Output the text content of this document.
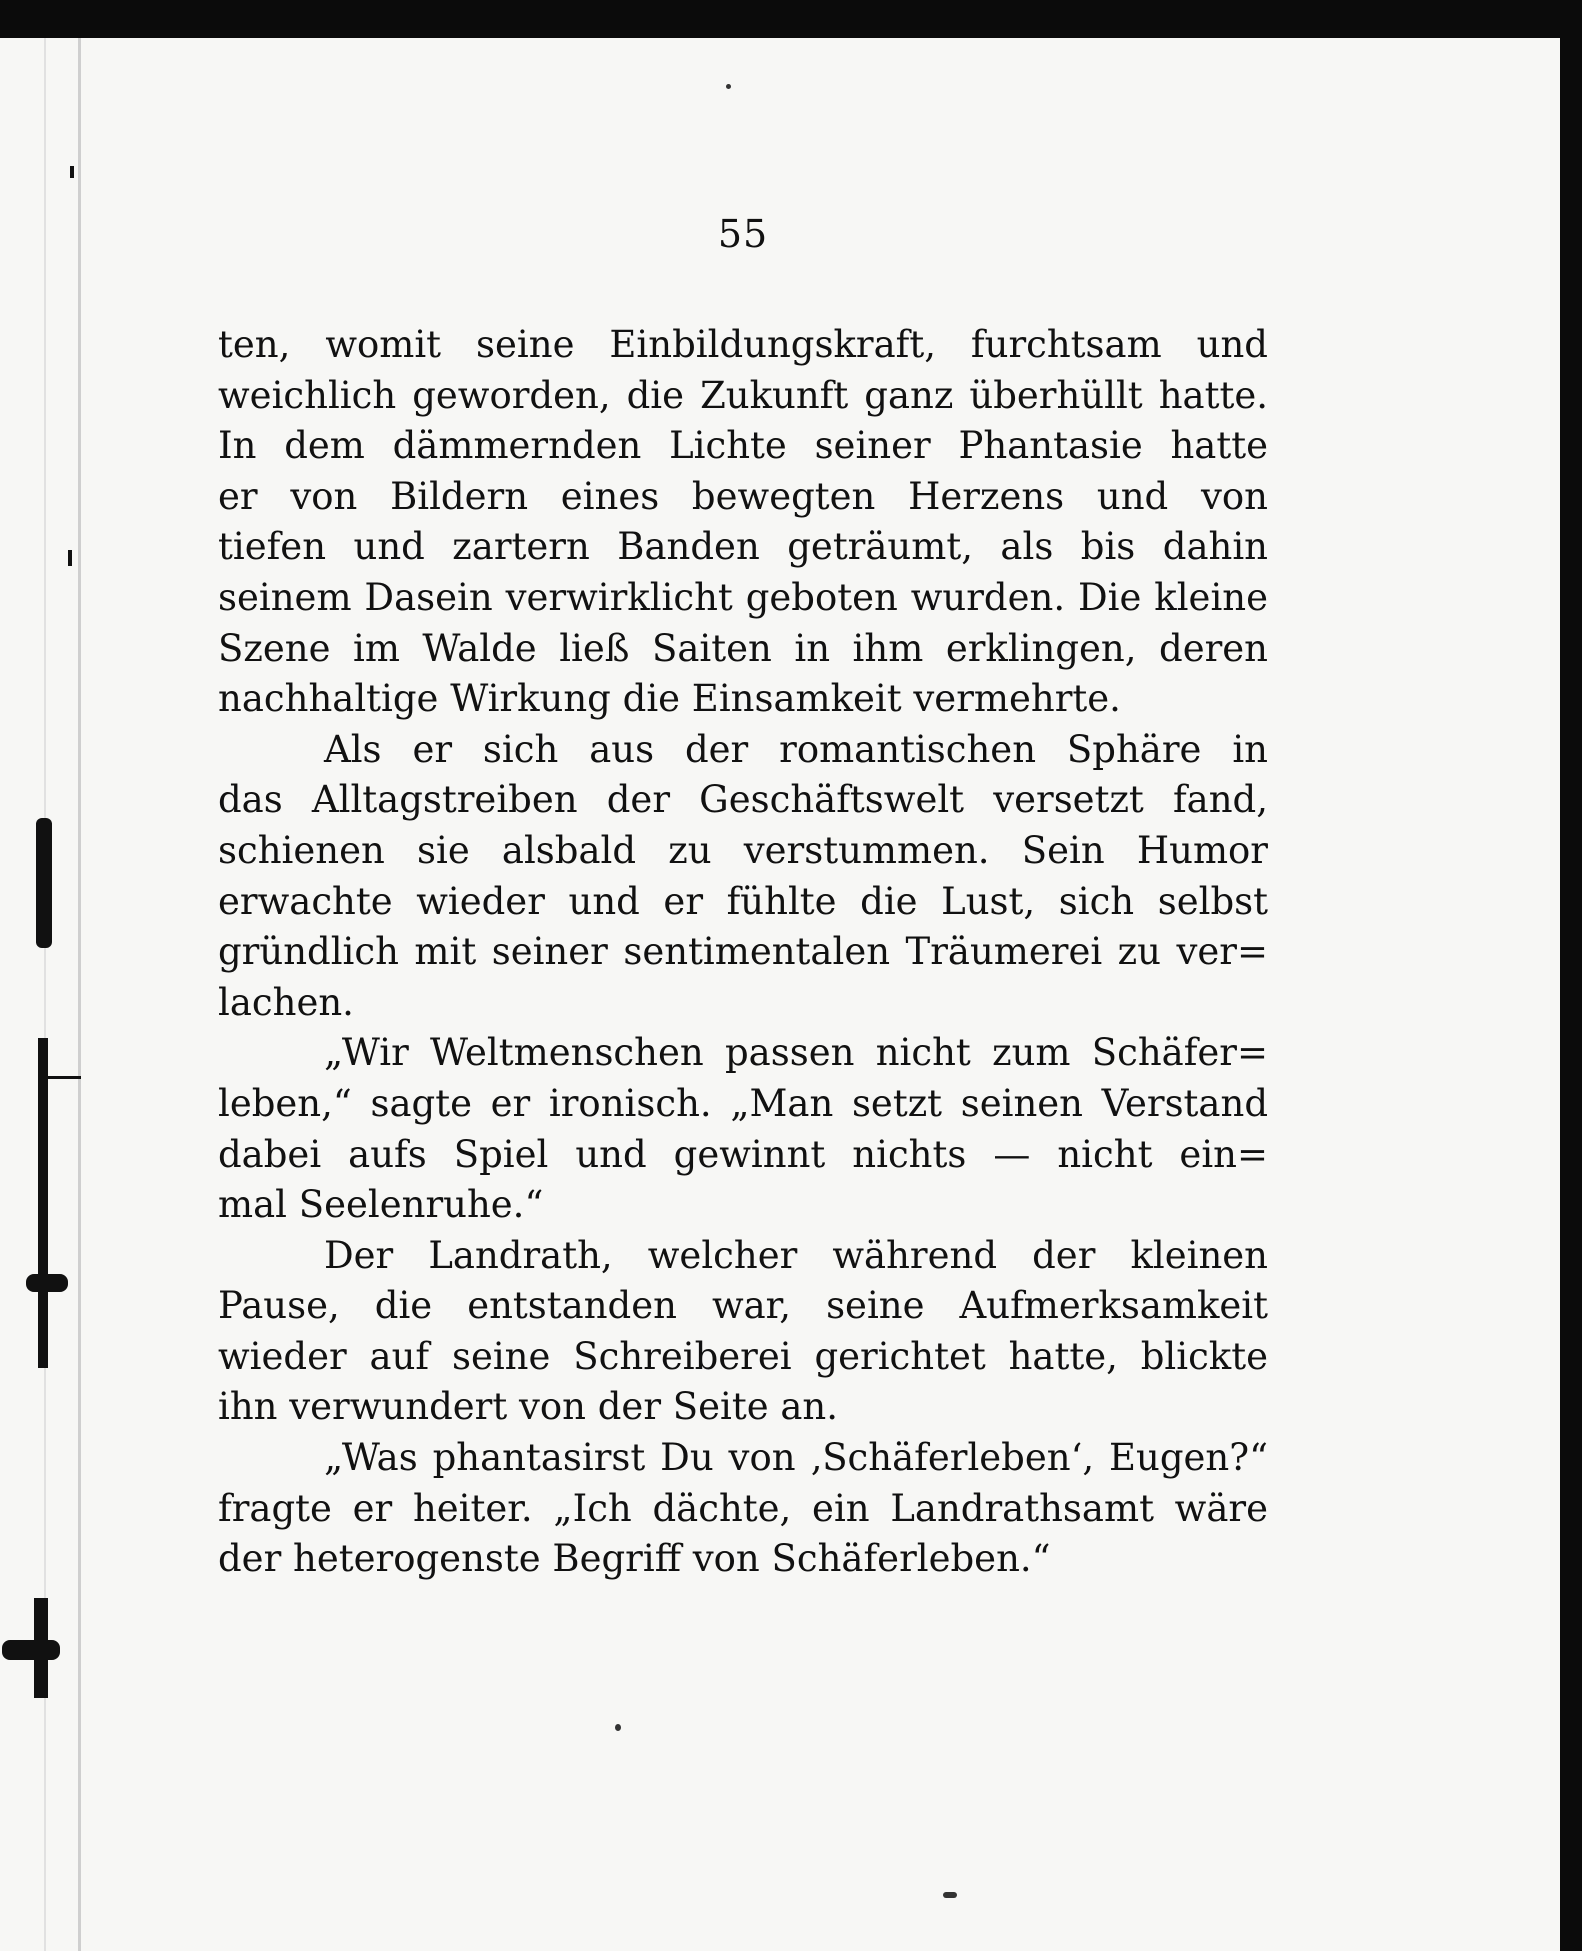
55
ten, womit seine Einbildungskraft, furchtsam und
weichlich geworden, die Zukunft ganz überhüllt hatte.
In dem dämmernden Lichte seiner Phantasie hatte
er von Bildern eines bewegten Herzens und von
tiefen und zartern Banden geträumt, als bis dahin
seinem Dasein verwirklicht geboten wurden. Die kleine
Szene im Walde ließ Saiten in ihm erklingen, deren
nachhaltige Wirkung die Einsamkeit vermehrte.
Als er sich aus der romantischen Sphäre in
das Alltagstreiben der Geschäftswelt versetzt fand,
schienen sie alsbald zu verstummen. Sein Humor
erwachte wieder und er fühlte die Lust, sich selbst
gründlich mit seiner sentimentalen Träumerei zu ver=
lachen.
„Wir Weltmenschen passen nicht zum Schäfer=
leben,“ sagte er ironisch. „Man setzt seinen Verstand
dabei aufs Spiel und gewinnt nichts — nicht ein=
mal Seelenruhe.“
Der Landrath, welcher während der kleinen
Pause, die entstanden war, seine Aufmerksamkeit
wieder auf seine Schreiberei gerichtet hatte, blickte
ihn verwundert von der Seite an.
„Was phantasirst Du von ‚Schäferleben‘, Eugen?“
fragte er heiter. „Ich dächte, ein Landrathsamt wäre
der heterogenste Begriff von Schäferleben.“
